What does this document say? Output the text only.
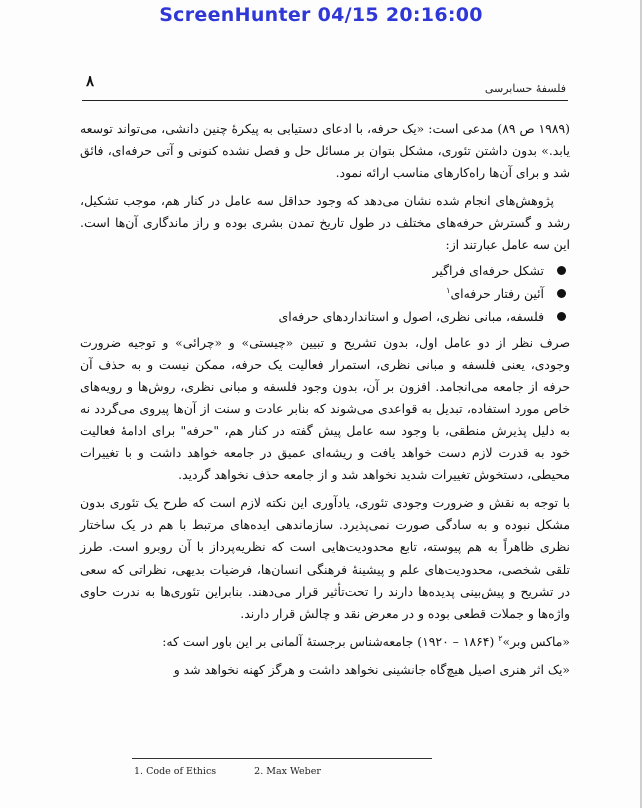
ScreenHunter 04/15 20:16:00
۸	فلسفهٔ حسابرسی

(۱۹۸۹ ص ۸۹) مدعی است: «یک حرفه، با ادعای دستیابی به پیکرهٔ چنین دانشی، می‌تواند توسعه یابد.» بدون داشتن تئوری، مشکل بتوان بر مسائل حل و فصل نشده کنونی و آتی حرفه‌ای، فائق شد و برای آن‌ها راه‌کارهای مناسب ارائه نمود.

پژوهش‌های انجام شده نشان می‌دهد که وجود حداقل سه عامل در کنار هم، موجب تشکیل، رشد و گسترش حرفه‌های مختلف در طول تاریخ تمدن بشری بوده و راز ماندگاری آن‌ها است. این سه عامل عبارتند از:

تشکل حرفه‌ای فراگیر
آئین رفتار حرفه‌ای$^۱$
فلسفه، مبانی نظری، اصول و استانداردهای حرفه‌ای

صرف نظر از دو عامل اول، بدون تشریح و تبیین «چیستی» و «چرائی» و توجیه ضرورت وجودی، یعنی فلسفه و مبانی نظری، استمرار فعالیت یک حرفه، ممکن نیست و به حذف آن حرفه از جامعه می‌انجامد. افزون بر آن، بدون وجود فلسفه و مبانی نظری، روش‌ها و رویه‌های خاص مورد استفاده، تبدیل به قواعدی می‌شوند که بنابر عادت و سنت از آن‌ها پیروی می‌گردد نه به دلیل پذیرش منطقی، با وجود سه عامل پیش گفته در کنار هم، "حرفه" برای ادامهٔ فعالیت خود به قدرت لازم دست خواهد یافت و ریشه‌ای عمیق در جامعه خواهد داشت و با تغییرات محیطی، دستخوش تغییرات شدید نخواهد شد و از جامعه حذف نخواهد گردید.

با توجه به نقش و ضرورت وجودی تئوری، یادآوری این نکته لازم است که طرح یک تئوری بدون مشکل نبوده و به سادگی صورت نمی‌پذیرد. سازماندهی ایده‌های مرتبط با هم در یک ساختار نظری ظاهراً به هم پیوسته، تابع محدودیت‌هایی است که نظریه‌پرداز با آن روبرو است. طرز تلقی شخصی، محدودیت‌های علم و پیشینهٔ فرهنگی انسان‌ها، فرضیات بدیهی، نظراتی که سعی در تشریح و پیش‌بینی پدیده‌ها دارند را تحت‌تأثیر قرار می‌دهند. بنابراین تئوری‌ها به ندرت حاوی واژه‌ها و جملات قطعی بوده و در معرض نقد و چالش قرار دارند.

«ماکس وبر»$^۲$ (۱۸۶۴ – ۱۹۲۰) جامعه‌شناس برجستهٔ آلمانی بر این باور است که:

«یک اثر هنری اصیل هیچ‌گاه جانشینی نخواهد داشت و هرگز کهنه نخواهد شد و

1. Code of Ethics	2. Max Weber
